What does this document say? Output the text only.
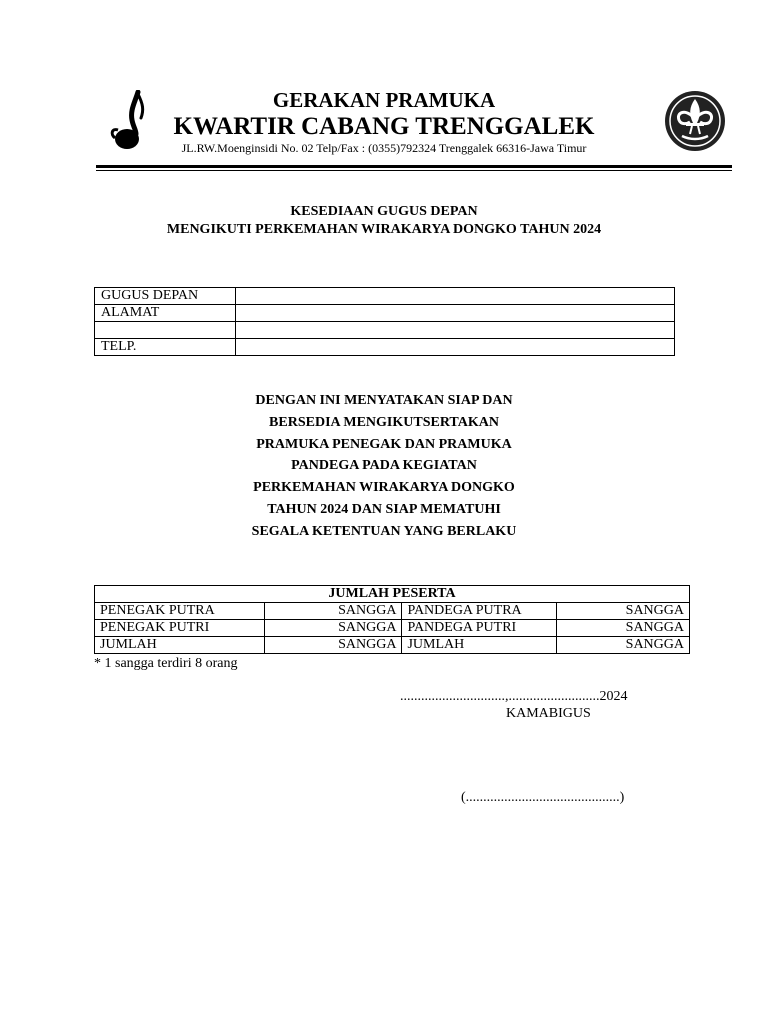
GERAKAN PRAMUKA
KWARTIR CABANG TRENGGALEK
JL.RW.Moenginsidi No. 02 Telp/Fax : (0355)792324 Trenggalek 66316-Jawa Timur
KESEDIAAN GUGUS DEPAN
MENGIKUTI PERKEMAHAN WIRAKARYA DONGKO TAHUN 2024
GUGUS DEPAN	
ALAMAT	

TELP.	
DENGAN INI MENYATAKAN SIAP DAN
BERSEDIA MENGIKUTSERTAKAN
PRAMUKA PENEGAK DAN PRAMUKA
PANDEGA PADA KEGIATAN
PERKEMAHAN WIRAKARYA DONGKO
TAHUN 2024 DAN SIAP MEMATUHI
SEGALA KETENTUAN YANG BERLAKU
JUMLAH PESERTA			
PENEGAK PUTRA	SANGGA	PANDEGA PUTRA	SANGGA
PENEGAK PUTRI	SANGGA	PANDEGA PUTRI	SANGGA
JUMLAH	SANGGA	JUMLAH	SANGGA
* 1 sangga terdiri 8 orang
..............................,..........................2024
KAMABIGUS
(............................................)
